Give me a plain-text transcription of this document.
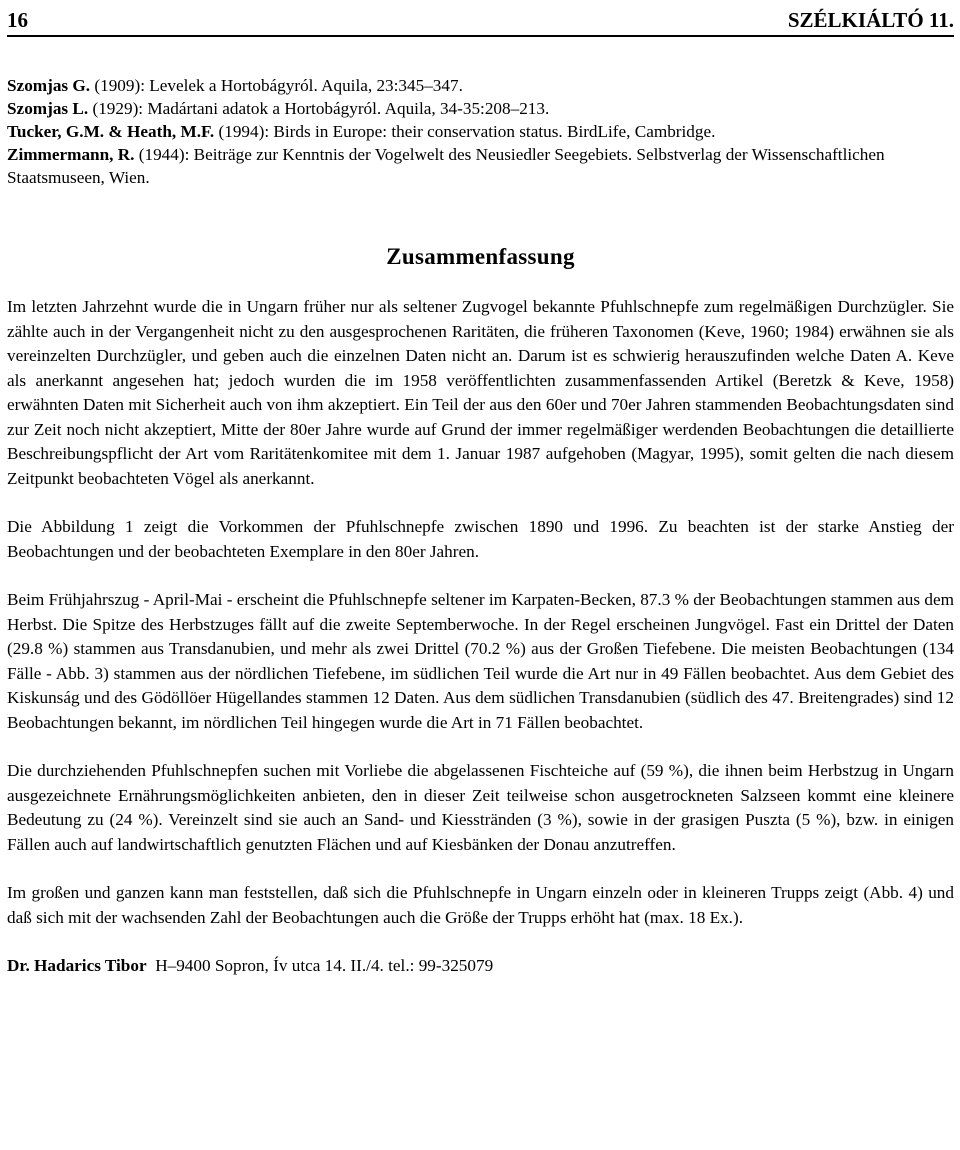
16	SZÉLKIÁLTÓ 11.

Szomjas G. (1909): Levelek a Hortobágyról. Aquila, 23:345–347.

Szomjas L. (1929): Madártani adatok a Hortobágyról. Aquila, 34-35:208–213.

Tucker, G.M. & Heath, M.F. (1994): Birds in Europe: their conservation status. BirdLife, Cambridge.

Zimmermann, R. (1944): Beiträge zur Kenntnis der Vogelwelt des Neusiedler Seegebiets. Selbstverlag der Wissenschaftlichen Staatsmuseen, Wien.

Zusammenfassung

Im letzten Jahrzehnt wurde die in Ungarn früher nur als seltener Zugvogel bekannte Pfuhlschnepfe zum regelmäßigen Durchzügler. Sie zählte auch in der Vergangenheit nicht zu den ausgesprochenen Raritäten, die früheren Taxonomen (Keve, 1960; 1984) erwähnen sie als vereinzelten Durchzügler, und geben auch die einzelnen Daten nicht an. Darum ist es schwierig herauszufinden welche Daten A. Keve als anerkannt angesehen hat; jedoch wurden die im 1958 veröffentlichten zusammenfassenden Artikel (Beretzk & Keve, 1958) erwähnten Daten mit Sicherheit auch von ihm akzeptiert. Ein Teil der aus den 60er und 70er Jahren stammenden Beobachtungsdaten sind zur Zeit noch nicht akzeptiert, Mitte der 80er Jahre wurde auf Grund der immer regelmäßiger werdenden Beobachtungen die detaillierte Beschreibungspflicht der Art vom Raritätenkomitee mit dem 1. Januar 1987 aufgehoben (Magyar, 1995), somit gelten die nach diesem Zeitpunkt beobachteten Vögel als anerkannt.

Die Abbildung 1 zeigt die Vorkommen der Pfuhlschnepfe zwischen 1890 und 1996. Zu beachten ist der starke Anstieg der Beobachtungen und der beobachteten Exemplare in den 80er Jahren.

Beim Frühjahrszug - April-Mai - erscheint die Pfuhlschnepfe seltener im Karpaten-Becken, 87.3 % der Beobachtungen stammen aus dem Herbst. Die Spitze des Herbstzuges fällt auf die zweite Septemberwoche. In der Regel erscheinen Jungvögel. Fast ein Drittel der Daten (29.8 %) stammen aus Transdanubien, und mehr als zwei Drittel (70.2 %) aus der Großen Tiefebene. Die meisten Beobachtungen (134 Fälle - Abb. 3) stammen aus der nördlichen Tiefebene, im südlichen Teil wurde die Art nur in 49 Fällen beobachtet. Aus dem Gebiet des Kiskunság und des Gödöllöer Hügellandes stammen 12 Daten. Aus dem südlichen Transdanubien (südlich des 47. Breitengrades) sind 12 Beobachtungen bekannt, im nördlichen Teil hingegen wurde die Art in 71 Fällen beobachtet.

Die durchziehenden Pfuhlschnepfen suchen mit Vorliebe die abgelassenen Fischteiche auf (59 %), die ihnen beim Herbstzug in Ungarn ausgezeichnete Ernährungsmöglichkeiten anbieten, den in dieser Zeit teilweise schon ausgetrockneten Salzseen kommt eine kleinere Bedeutung zu (24 %). Vereinzelt sind sie auch an Sand- und Kiesstränden (3 %), sowie in der grasigen Puszta (5 %), bzw. in einigen Fällen auch auf landwirtschaftlich genutzten Flächen und auf Kiesbänken der Donau anzutreffen.

Im großen und ganzen kann man feststellen, daß sich die Pfuhlschnepfe in Ungarn einzeln oder in kleineren Trupps zeigt (Abb. 4) und daß sich mit der wachsenden Zahl der Beobachtungen auch die Größe der Trupps erhöht hat (max. 18 Ex.).

Dr. Hadarics Tibor H–9400 Sopron, Ív utca 14. II./4. tel.: 99-325079
